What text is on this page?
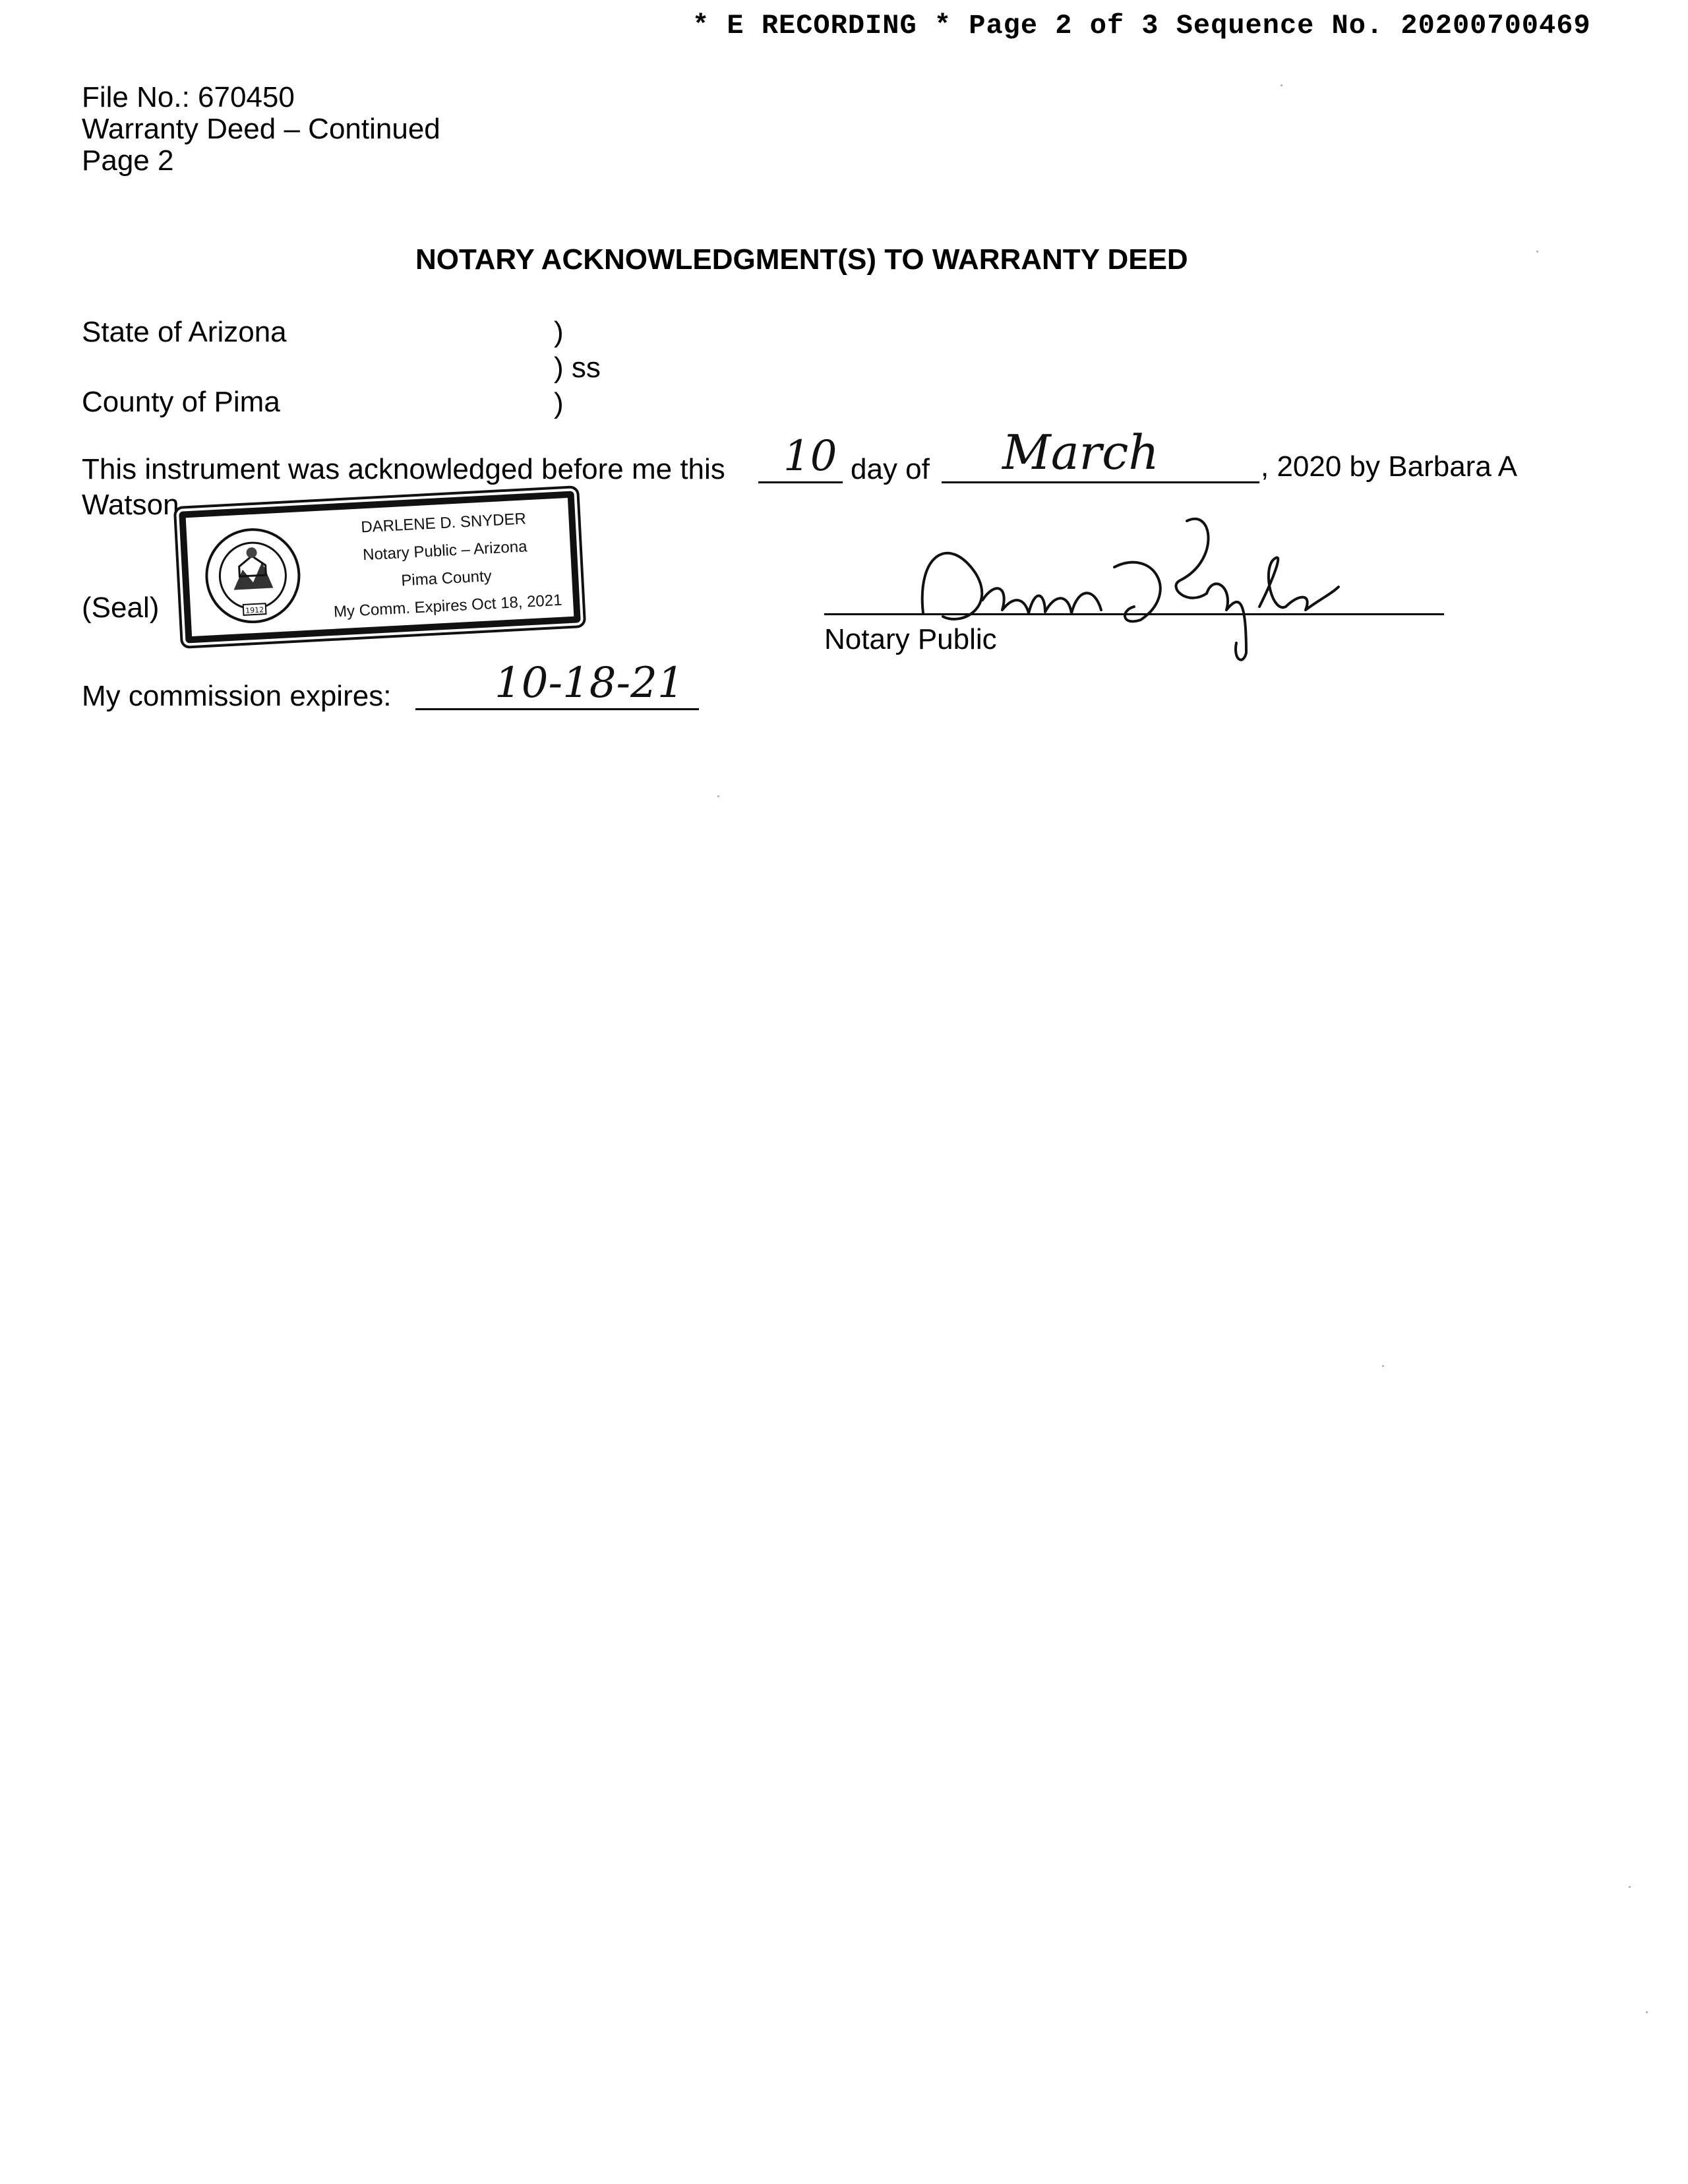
* E RECORDING * Page 2 of 3 Sequence No. 20200700469
File No.: 670450
Warranty Deed – Continued
Page 2
NOTARY ACKNOWLEDGMENT(S) TO WARRANTY DEED
State of Arizona	)
) ss
County of Pima	)
This instrument was acknowledged before me this 10 day of March	, 2020 by Barbara A
Watson
1912
DARLENE D. SNYDER
Notary Public – Arizona
Pima County
My Comm. Expires Oct 18, 2021
(Seal)
Notary Public
My commission expires: 10-18-21
